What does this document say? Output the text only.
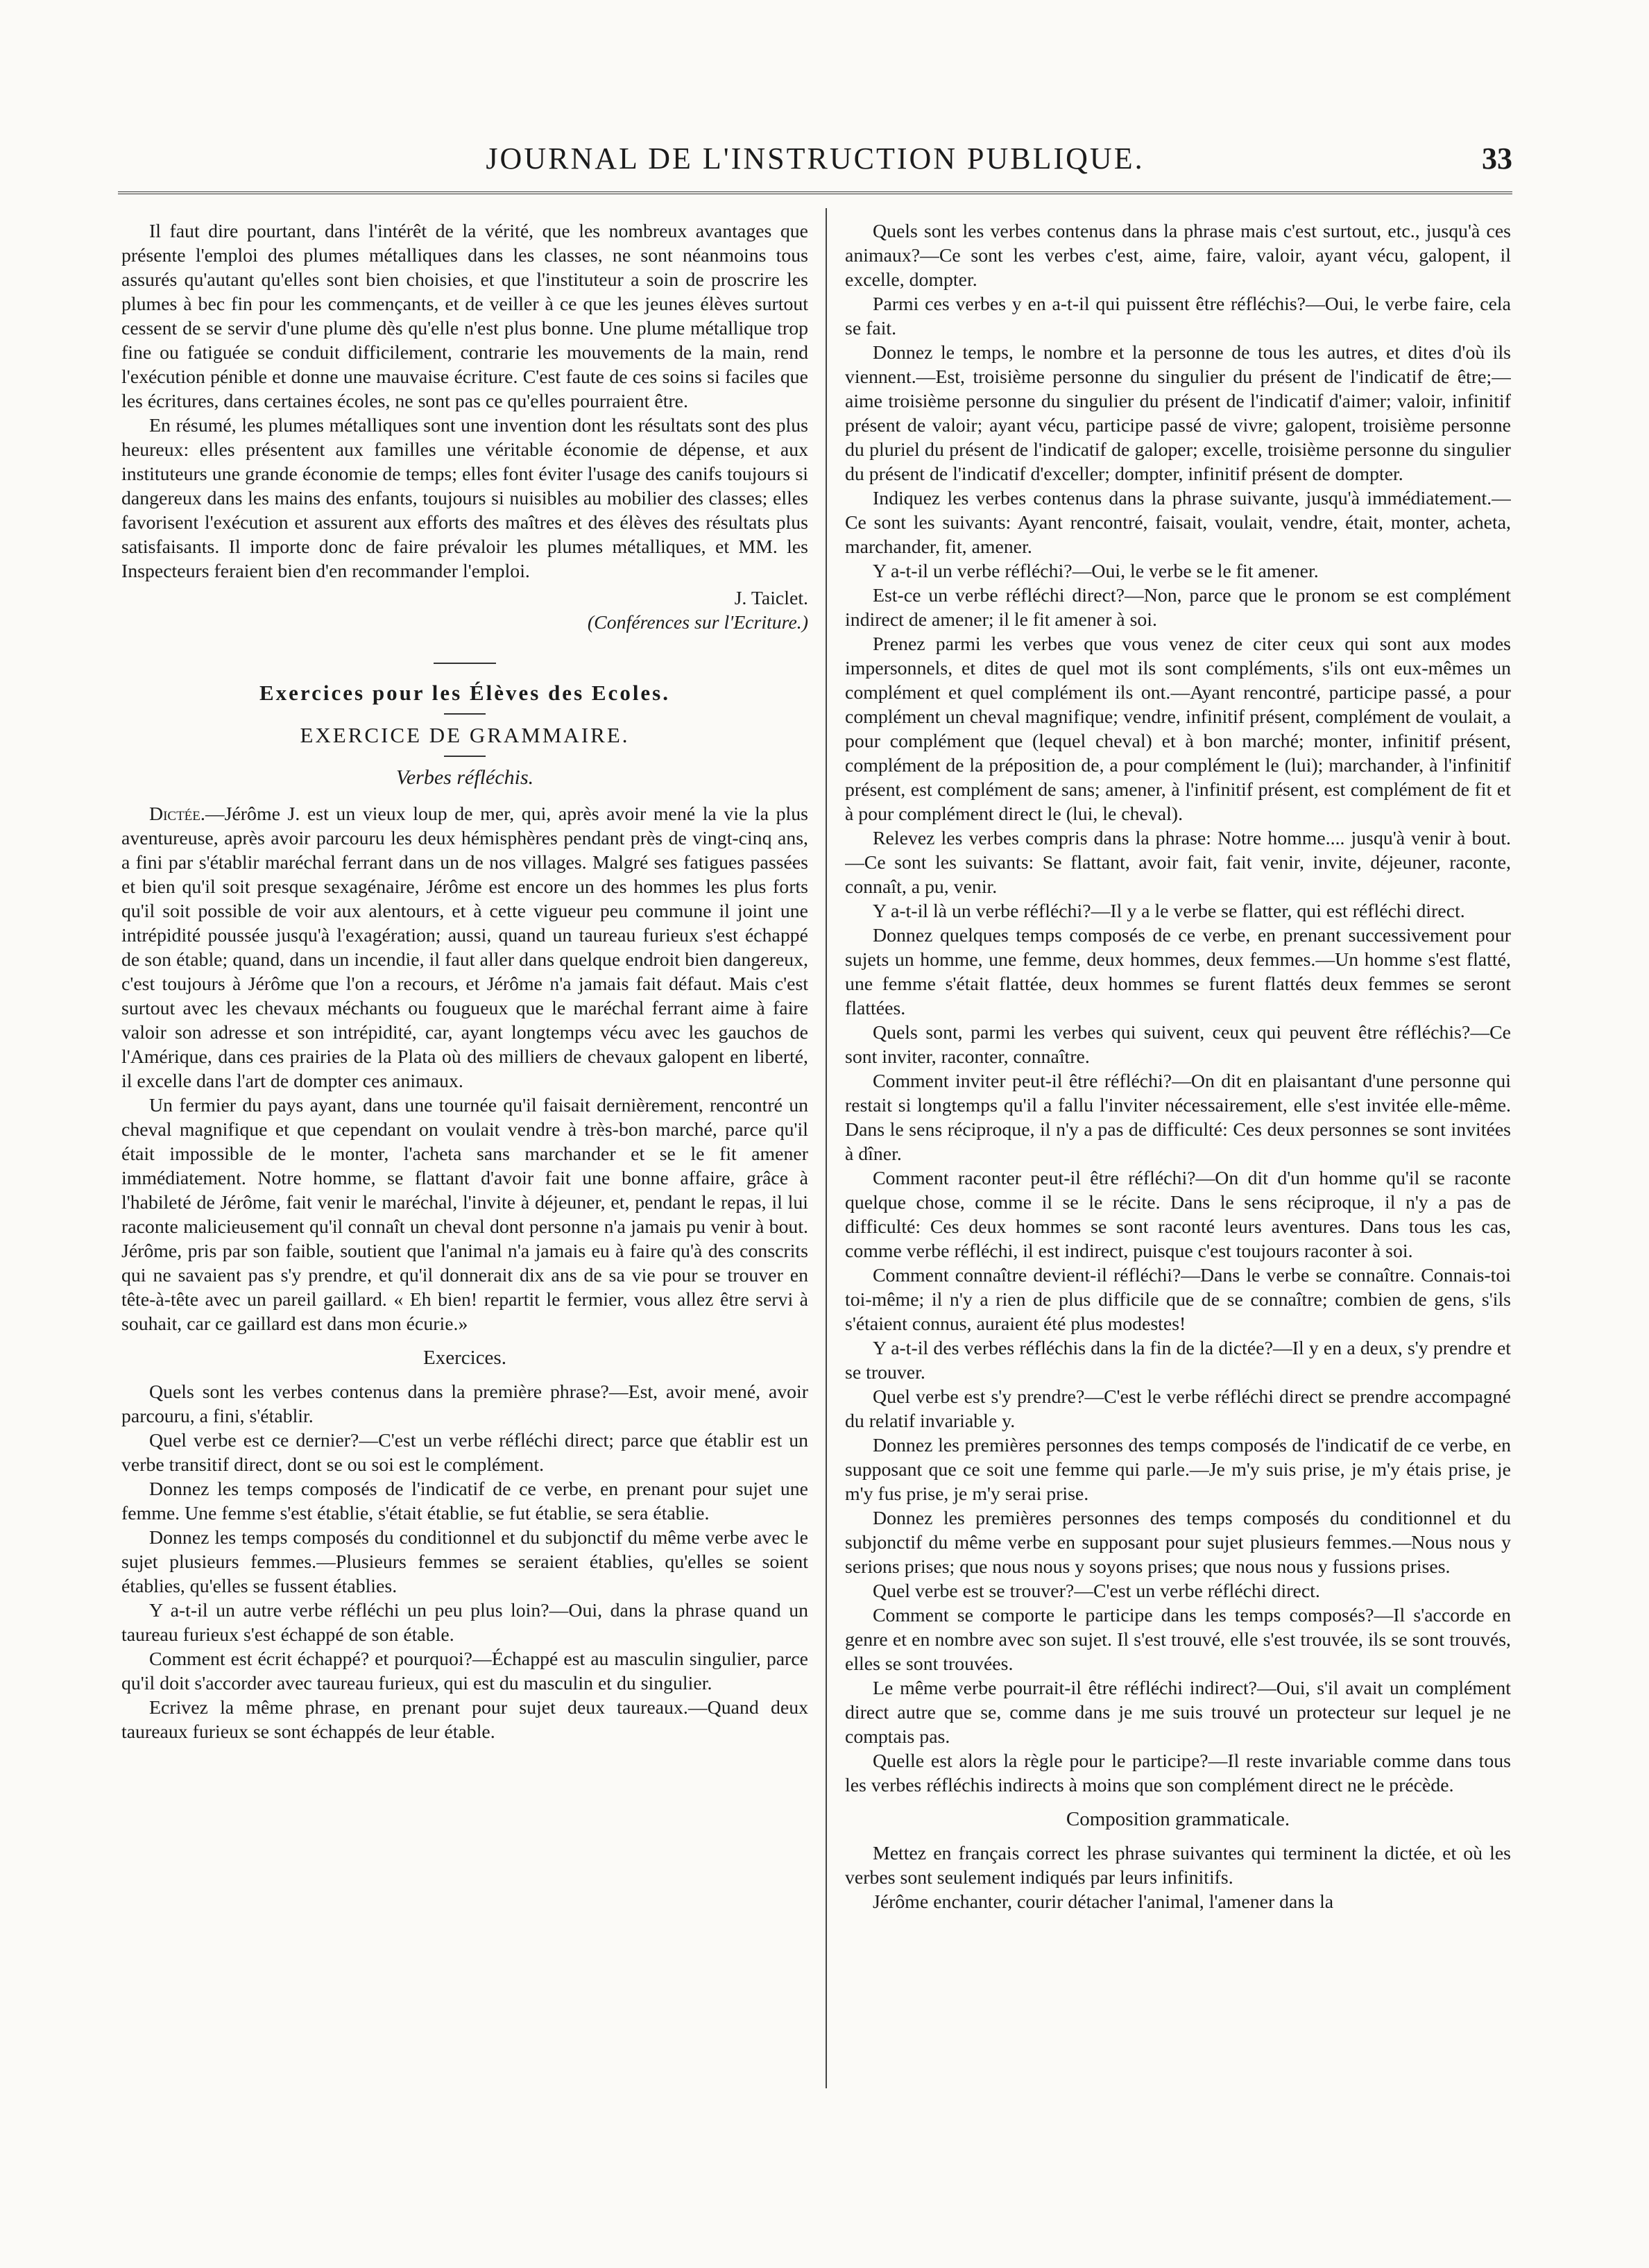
JOURNAL DE L'INSTRUCTION PUBLIQUE.	33

Il faut dire pourtant, dans l'intérêt de la vérité, que les nombreux avantages que présente l'emploi des plumes métalliques dans les classes, ne sont néanmoins tous assurés qu'autant qu'elles sont bien choisies, et que l'instituteur a soin de proscrire les plumes à bec fin pour les commençants, et de veiller à ce que les jeunes élèves surtout cessent de se servir d'une plume dès qu'elle n'est plus bonne. Une plume métallique trop fine ou fatiguée se conduit difficilement, contrarie les mouvements de la main, rend l'exécution pénible et donne une mauvaise écriture. C'est faute de ces soins si faciles que les écritures, dans certaines écoles, ne sont pas ce qu'elles pourraient être.

En résumé, les plumes métalliques sont une invention dont les résultats sont des plus heureux: elles présentent aux familles une véritable économie de dépense, et aux instituteurs une grande économie de temps; elles font éviter l'usage des canifs toujours si dangereux dans les mains des enfants, toujours si nuisibles au mobilier des classes; elles favorisent l'exécution et assurent aux efforts des maîtres et des élèves des résultats plus satisfaisants. Il importe donc de faire prévaloir les plumes métalliques, et MM. les Inspecteurs feraient bien d'en recommander l'emploi.

J. Taiclet.
(Conférences sur l'Ecriture.)
Exercices pour les Élèves des Ecoles.
EXERCICE DE GRAMMAIRE.
Verbes réfléchis.

Dictée.—Jérôme J. est un vieux loup de mer, qui, après avoir mené la vie la plus aventureuse, après avoir parcouru les deux hémisphères pendant près de vingt-cinq ans, a fini par s'établir maréchal ferrant dans un de nos villages. Malgré ses fatigues passées et bien qu'il soit presque sexagénaire, Jérôme est encore un des hommes les plus forts qu'il soit possible de voir aux alentours, et à cette vigueur peu commune il joint une intrépidité poussée jusqu'à l'exagération; aussi, quand un taureau furieux s'est échappé de son étable; quand, dans un incendie, il faut aller dans quelque endroit bien dangereux, c'est toujours à Jérôme que l'on a recours, et Jérôme n'a jamais fait défaut. Mais c'est surtout avec les chevaux méchants ou fougueux que le maréchal ferrant aime à faire valoir son adresse et son intrépidité, car, ayant longtemps vécu avec les gauchos de l'Amérique, dans ces prairies de la Plata où des milliers de chevaux galopent en liberté, il excelle dans l'art de dompter ces animaux.

Un fermier du pays ayant, dans une tournée qu'il faisait dernièrement, rencontré un cheval magnifique et que cependant on voulait vendre à très-bon marché, parce qu'il était impossible de le monter, l'acheta sans marchander et se le fit amener immédiatement. Notre homme, se flattant d'avoir fait une bonne affaire, grâce à l'habileté de Jérôme, fait venir le maréchal, l'invite à déjeuner, et, pendant le repas, il lui raconte malicieusement qu'il connaît un cheval dont personne n'a jamais pu venir à bout. Jérôme, pris par son faible, soutient que l'animal n'a jamais eu à faire qu'à des conscrits qui ne savaient pas s'y prendre, et qu'il donnerait dix ans de sa vie pour se trouver en tête-à-tête avec un pareil gaillard. « Eh bien! repartit le fermier, vous allez être servi à souhait, car ce gaillard est dans mon écurie.»

Exercices.

Quels sont les verbes contenus dans la première phrase?—Est, avoir mené, avoir parcouru, a fini, s'établir.

Quel verbe est ce dernier?—C'est un verbe réfléchi direct; parce que établir est un verbe transitif direct, dont se ou soi est le complément.

Donnez les temps composés de l'indicatif de ce verbe, en prenant pour sujet une femme. Une femme s'est établie, s'était établie, se fut établie, se sera établie.

Donnez les temps composés du conditionnel et du subjonctif du même verbe avec le sujet plusieurs femmes.—Plusieurs femmes se seraient établies, qu'elles se soient établies, qu'elles se fussent établies.

Y a-t-il un autre verbe réfléchi un peu plus loin?—Oui, dans la phrase quand un taureau furieux s'est échappé de son étable.

Comment est écrit échappé? et pourquoi?—Échappé est au masculin singulier, parce qu'il doit s'accorder avec taureau furieux, qui est du masculin et du singulier.

Ecrivez la même phrase, en prenant pour sujet deux taureaux.—Quand deux taureaux furieux se sont échappés de leur étable.

Quels sont les verbes contenus dans la phrase mais c'est surtout, etc., jusqu'à ces animaux?—Ce sont les verbes c'est, aime, faire, valoir, ayant vécu, galopent, il excelle, dompter.

Parmi ces verbes y en a-t-il qui puissent être réfléchis?—Oui, le verbe faire, cela se fait.

Donnez le temps, le nombre et la personne de tous les autres, et dites d'où ils viennent.—Est, troisième personne du singulier du présent de l'indicatif de être;—aime troisième personne du singulier du présent de l'indicatif d'aimer; valoir, infinitif présent de valoir; ayant vécu, participe passé de vivre; galopent, troisième personne du pluriel du présent de l'indicatif de galoper; excelle, troisième personne du singulier du présent de l'indicatif d'exceller; dompter, infinitif présent de dompter.

Indiquez les verbes contenus dans la phrase suivante, jusqu'à immédiatement.—Ce sont les suivants: Ayant rencontré, faisait, voulait, vendre, était, monter, acheta, marchander, fit, amener.

Y a-t-il un verbe réfléchi?—Oui, le verbe se le fit amener.

Est-ce un verbe réfléchi direct?—Non, parce que le pronom se est complément indirect de amener; il le fit amener à soi.

Prenez parmi les verbes que vous venez de citer ceux qui sont aux modes impersonnels, et dites de quel mot ils sont compléments, s'ils ont eux-mêmes un complément et quel complément ils ont.—Ayant rencontré, participe passé, a pour complément un cheval magnifique; vendre, infinitif présent, complément de voulait, a pour complément que (lequel cheval) et à bon marché; monter, infinitif présent, complément de la préposition de, a pour complément le (lui); marchander, à l'infinitif présent, est complément de sans; amener, à l'infinitif présent, est complément de fit et à pour complément direct le (lui, le cheval).

Relevez les verbes compris dans la phrase: Notre homme.... jusqu'à venir à bout.—Ce sont les suivants: Se flattant, avoir fait, fait venir, invite, déjeuner, raconte, connaît, a pu, venir.

Y a-t-il là un verbe réfléchi?—Il y a le verbe se flatter, qui est réfléchi direct.

Donnez quelques temps composés de ce verbe, en prenant successivement pour sujets un homme, une femme, deux hommes, deux femmes.—Un homme s'est flatté, une femme s'était flattée, deux hommes se furent flattés deux femmes se seront flattées.

Quels sont, parmi les verbes qui suivent, ceux qui peuvent être réfléchis?—Ce sont inviter, raconter, connaître.

Comment inviter peut-il être réfléchi?—On dit en plaisantant d'une personne qui restait si longtemps qu'il a fallu l'inviter nécessairement, elle s'est invitée elle-même. Dans le sens réciproque, il n'y a pas de difficulté: Ces deux personnes se sont invitées à dîner.

Comment raconter peut-il être réfléchi?—On dit d'un homme qu'il se raconte quelque chose, comme il se le récite. Dans le sens réciproque, il n'y a pas de difficulté: Ces deux hommes se sont raconté leurs aventures. Dans tous les cas, comme verbe réfléchi, il est indirect, puisque c'est toujours raconter à soi.

Comment connaître devient-il réfléchi?—Dans le verbe se connaître. Connais-toi toi-même; il n'y a rien de plus difficile que de se connaître; combien de gens, s'ils s'étaient connus, auraient été plus modestes!

Y a-t-il des verbes réfléchis dans la fin de la dictée?—Il y en a deux, s'y prendre et se trouver.

Quel verbe est s'y prendre?—C'est le verbe réfléchi direct se prendre accompagné du relatif invariable y.

Donnez les premières personnes des temps composés de l'indicatif de ce verbe, en supposant que ce soit une femme qui parle.—Je m'y suis prise, je m'y étais prise, je m'y fus prise, je m'y serai prise.

Donnez les premières personnes des temps composés du conditionnel et du subjonctif du même verbe en supposant pour sujet plusieurs femmes.—Nous nous y serions prises; que nous nous y soyons prises; que nous nous y fussions prises.

Quel verbe est se trouver?—C'est un verbe réfléchi direct.

Comment se comporte le participe dans les temps composés?—Il s'accorde en genre et en nombre avec son sujet. Il s'est trouvé, elle s'est trouvée, ils se sont trouvés, elles se sont trouvées.

Le même verbe pourrait-il être réfléchi indirect?—Oui, s'il avait un complément direct autre que se, comme dans je me suis trouvé un protecteur sur lequel je ne comptais pas.

Quelle est alors la règle pour le participe?—Il reste invariable comme dans tous les verbes réfléchis indirects à moins que son complément direct ne le précède.

Composition grammaticale.

Mettez en français correct les phrase suivantes qui terminent la dictée, et où les verbes sont seulement indiqués par leurs infinitifs.

Jérôme enchanter, courir détacher l'animal, l'amener dans la
